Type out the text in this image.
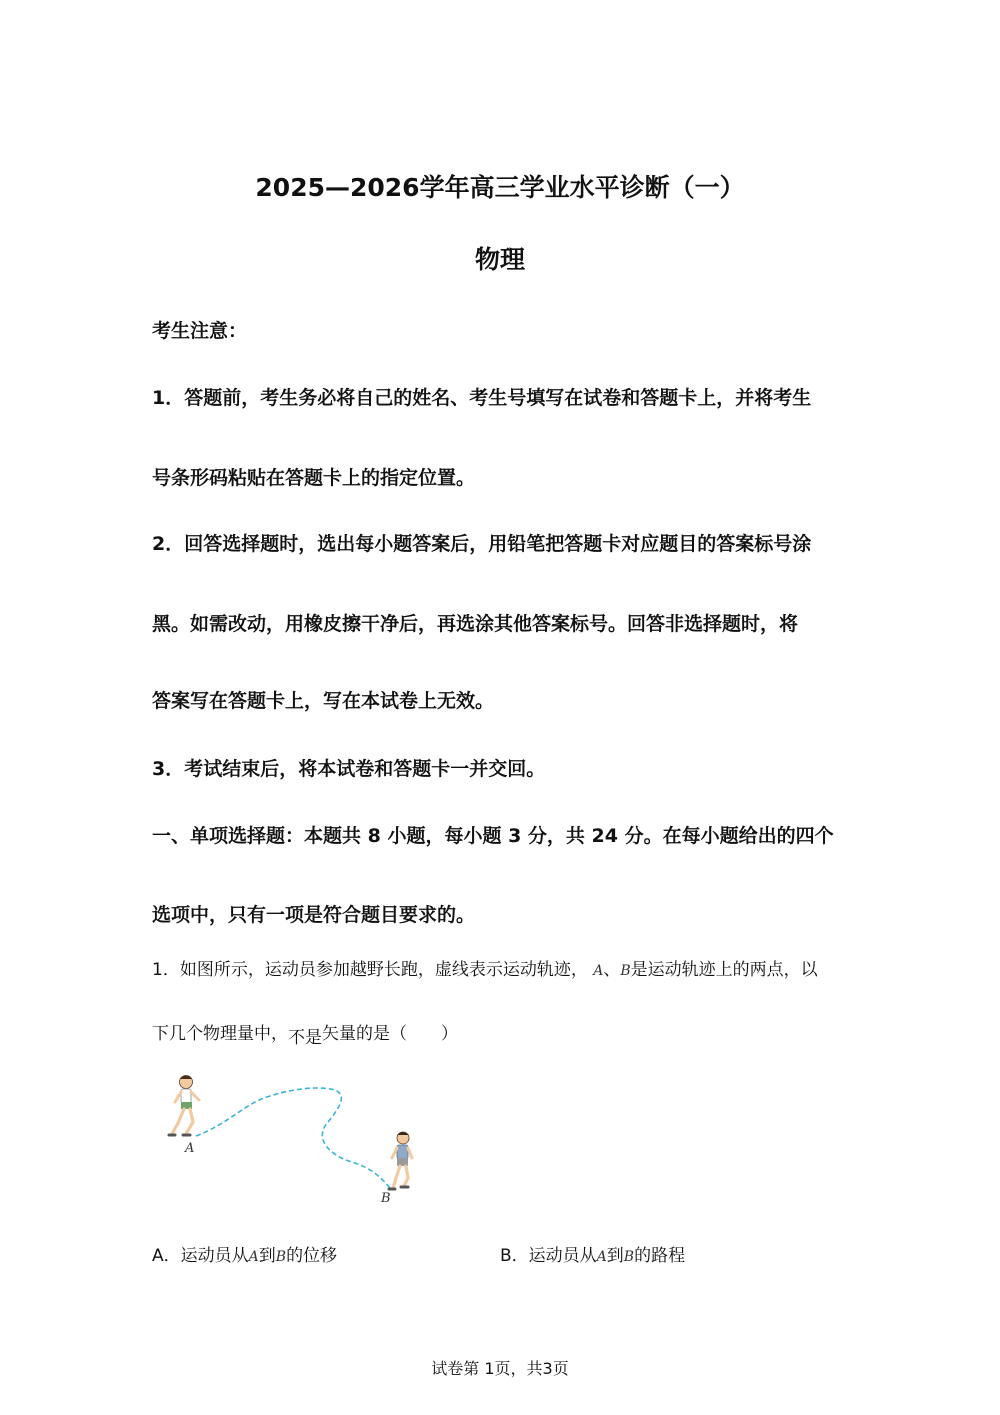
2025—2026学年高三学业水平诊断（一）
物理
考生注意：
1．答题前，考生务必将自己的姓名、考生号填写在试卷和答题卡上，并将考生
号条形码粘贴在答题卡上的指定位置。
2．回答选择题时，选出每小题答案后，用铅笔把答题卡对应题目的答案标号涂
黑。如需改动，用橡皮擦干净后，再选涂其他答案标号。回答非选择题时，将
答案写在答题卡上，写在本试卷上无效。
3．考试结束后，将本试卷和答题卡一并交回。
一、单项选择题：本题共 8 小题，每小题 3 分，共 24 分。在每小题给出的四个
选项中，只有一项是符合题目要求的。
1．如图所示，运动员参加越野长跑，虚线表示运动轨迹， A、B是运动轨迹上的两点，以
下几个物理量中，不是矢量的是（　　）
A
B
A．运动员从A到B的位移	B．运动员从A到B的路程
试卷第 1页，共3页
